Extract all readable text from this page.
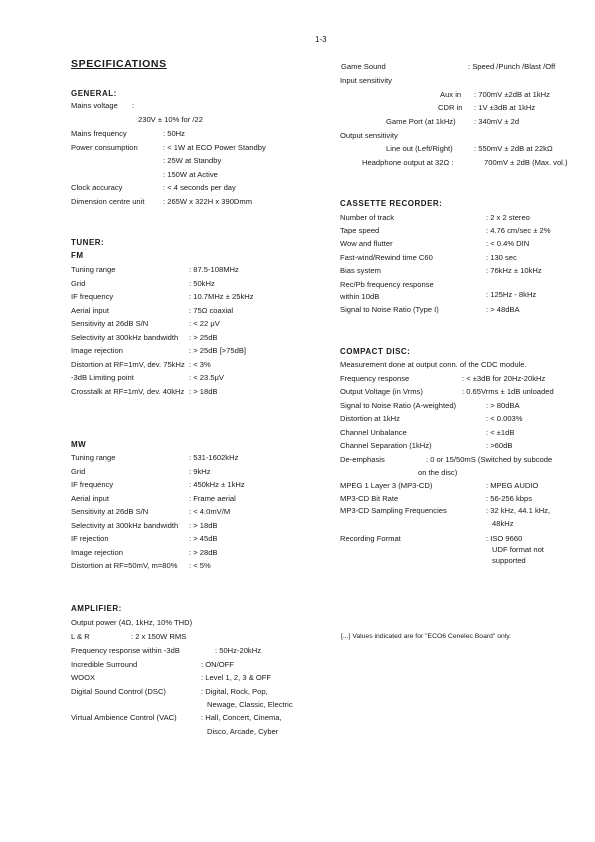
1-3
SPECIFICATIONS
GENERAL:
Mains voltage :
230V ± 10% for /22
Mains frequency	: 50Hz
Power consumption	: < 1W at ECO Power Standby
: 25W at Standby
: 150W at Active
Clock accuracy	: < 4 seconds per day
Dimension centre unit : 265W x 322H x 390Dmm
TUNER:
FM
Tuning range	: 87.5-108MHz
Grid	: 50kHz
IF frequency	: 10.7MHz ± 25kHz
Aerial input	: 75Ω coaxial
Sensitivity at 26dB S/N	: < 22 μV
Selectivity at 300kHz bandwidth : > 25dB
Image rejection	: > 25dB [>75dB]
Distortion at RF=1mV, dev. 75kHz : < 3%
-3dB Limiting point	: < 23.5μV
Crosstalk at RF=1mV, dev. 40kHz : > 18dB
MW
Tuning range	: 531-1602kHz
Grid	: 9kHz
IF frequency	: 450kHz ± 1kHz
Aerial input	: Frame aerial
Sensitivity at 26dB S/N	: < 4.0mV/M
Selectivity at 300kHz bandwidth : > 18dB
IF rejection	: > 45dB
Image rejection	: > 28dB
Distortion at RF=50mV, m=80% : < 5%
AMPLIFIER:
Output power (4Ω, 1kHz, 10% THD)
L & R	: 2 x 150W RMS
Frequency response within -3dB	: 50Hz-20kHz
Incredible Surround	: ON/OFF
WOOX	: Level 1, 2, 3 & OFF
Digital Sound Control (DSC)	: Digital, Rock, Pop,
Newage, Classic, Electric
Virtual Ambience Control (VAC)	: Hall, Concert, Cinema,
Disco, Arcade, Cyber
Game Sound	: Speed /Punch /Blast /Off
Input sensitivity
Aux in : 700mV ±2dB at 1kHz
CDR in : 1V ±3dB at 1kHz
Game Port (at 1kHz) : 340mV ± 2d
Output sensitivity
Line out (Left/Right)	: 550mV ± 2dB at 22kΩ
Headphone output at 32Ω :	700mV ± 2dB (Max. vol.)
CASSETTE RECORDER:
Number of track	: 2 x 2 stereo
Tape speed	: 4.76 cm/sec ± 2%
Wow and flutter	: < 0.4% DIN
Fast-wind/Rewind time C60	: 130 sec
Bias system	: 76kHz ± 10kHz
Rec/Pb frequency response
within 10dB	: 125Hz - 8kHz
Signal to Noise Ratio (Type I)	: > 48dBA
COMPACT DISC:
Measurement done at output conn. of the CDC module.
Frequency response	: < ±3dB for 20Hz-20kHz
Output Voltage (in Vrms)	: 0.65Vrms ± 1dB unloaded
Signal to Noise Ratio (A-weighted)	: > 80dBA
Distortion at 1kHz	: < 0.003%
Channel Unbalance	: < ±1dB
Channel Separation (1kHz)	: >60dB
De-emphasis	: 0 or 15/50mS (Switched by subcode
on the disc)
MPEG 1 Layer 3 (MP3-CD)	: MPEG AUDIO
MP3-CD Bit Rate	: 56-256 kbps
MP3-CD Sampling Frequencies	: 32 kHz, 44.1 kHz,
48kHz
Recording Format	: ISO 9660
UDF format not
supported
[...] Values indicated are for "ECO6 Cenelec Board" only.
